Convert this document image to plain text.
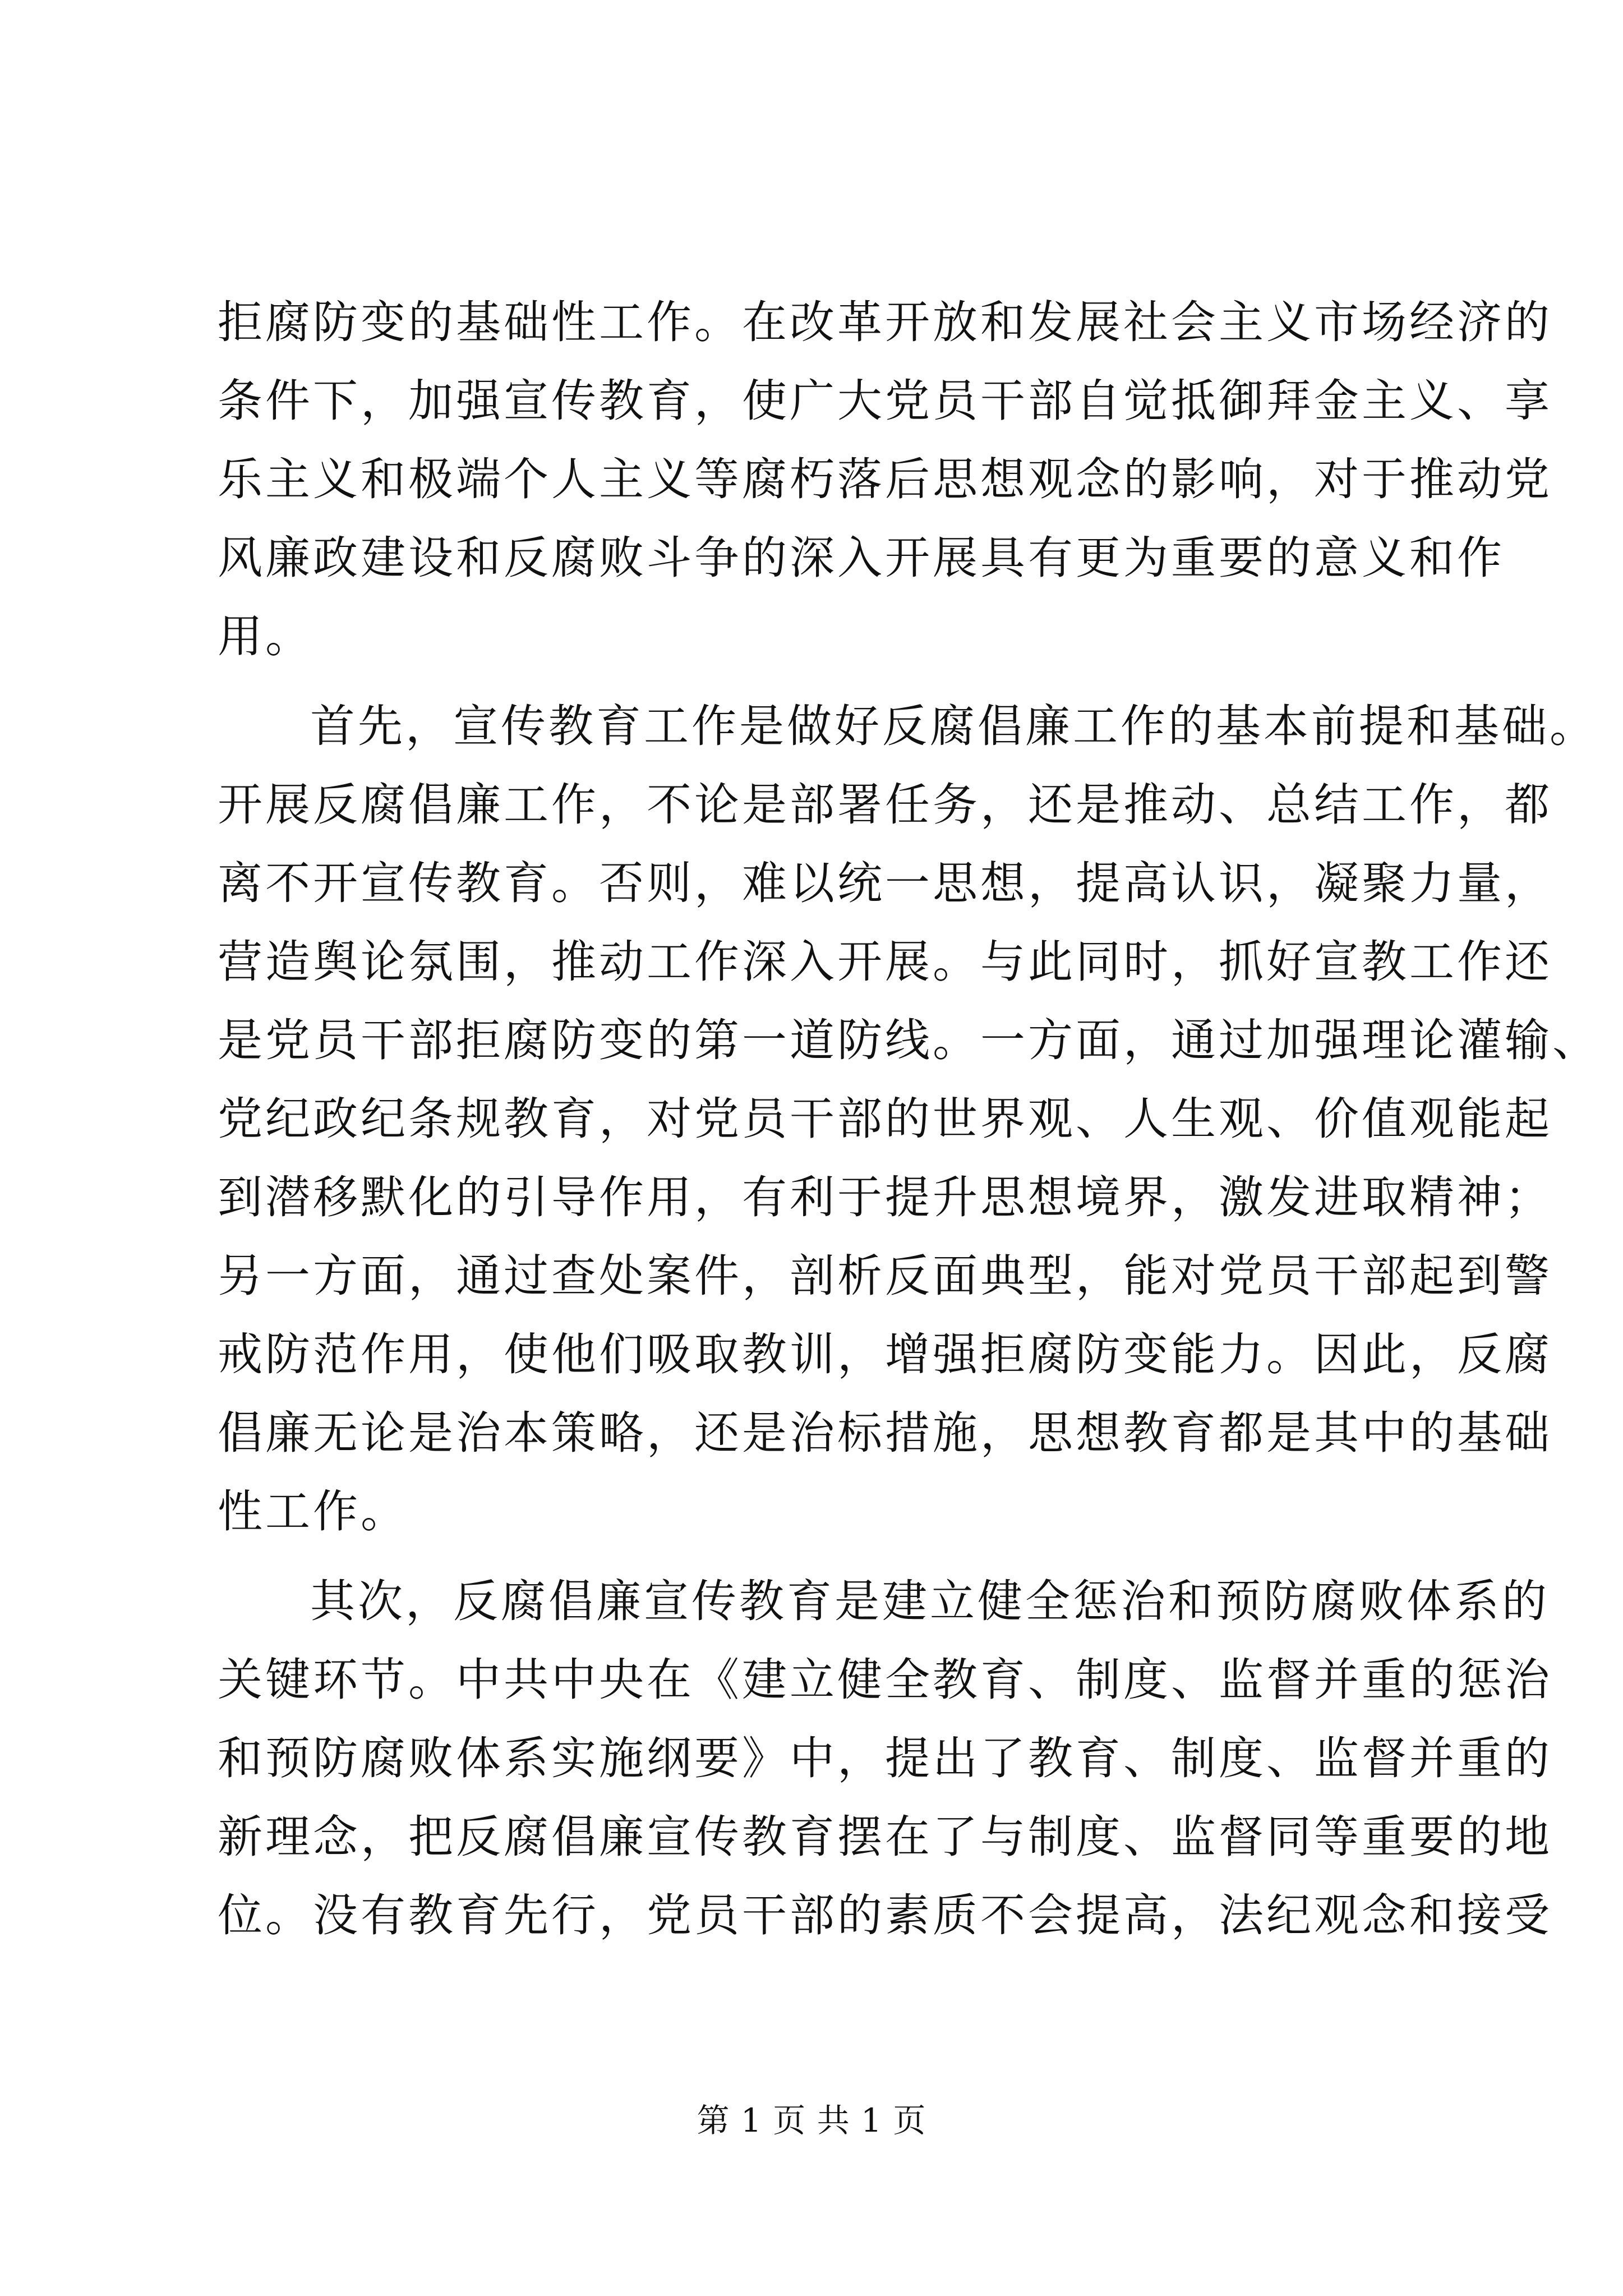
拒腐防变的基础性工作。在改革开放和发展社会主义市场经济的
条件下，加强宣传教育，使广大党员干部自觉抵御拜金主义、享
乐主义和极端个人主义等腐朽落后思想观念的影响，对于推动党
风廉政建设和反腐败斗争的深入开展具有更为重要的意义和作
用。
首先，宣传教育工作是做好反腐倡廉工作的基本前提和基础。
开展反腐倡廉工作，不论是部署任务，还是推动、总结工作，都
离不开宣传教育。否则，难以统一思想，提高认识，凝聚力量，
营造舆论氛围，推动工作深入开展。与此同时，抓好宣教工作还
是党员干部拒腐防变的第一道防线。一方面，通过加强理论灌输、
党纪政纪条规教育，对党员干部的世界观、人生观、价值观能起
到潜移默化的引导作用，有利于提升思想境界，激发进取精神；
另一方面，通过查处案件，剖析反面典型，能对党员干部起到警
戒防范作用，使他们吸取教训，增强拒腐防变能力。因此，反腐
倡廉无论是治本策略，还是治标措施，思想教育都是其中的基础
性工作。
其次，反腐倡廉宣传教育是建立健全惩治和预防腐败体系的
关键环节。中共中央在《建立健全教育、制度、监督并重的惩治
和预防腐败体系实施纲要》中，提出了教育、制度、监督并重的
新理念，把反腐倡廉宣传教育摆在了与制度、监督同等重要的地
位。没有教育先行，党员干部的素质不会提高，法纪观念和接受
第 1 页 共 1 页
